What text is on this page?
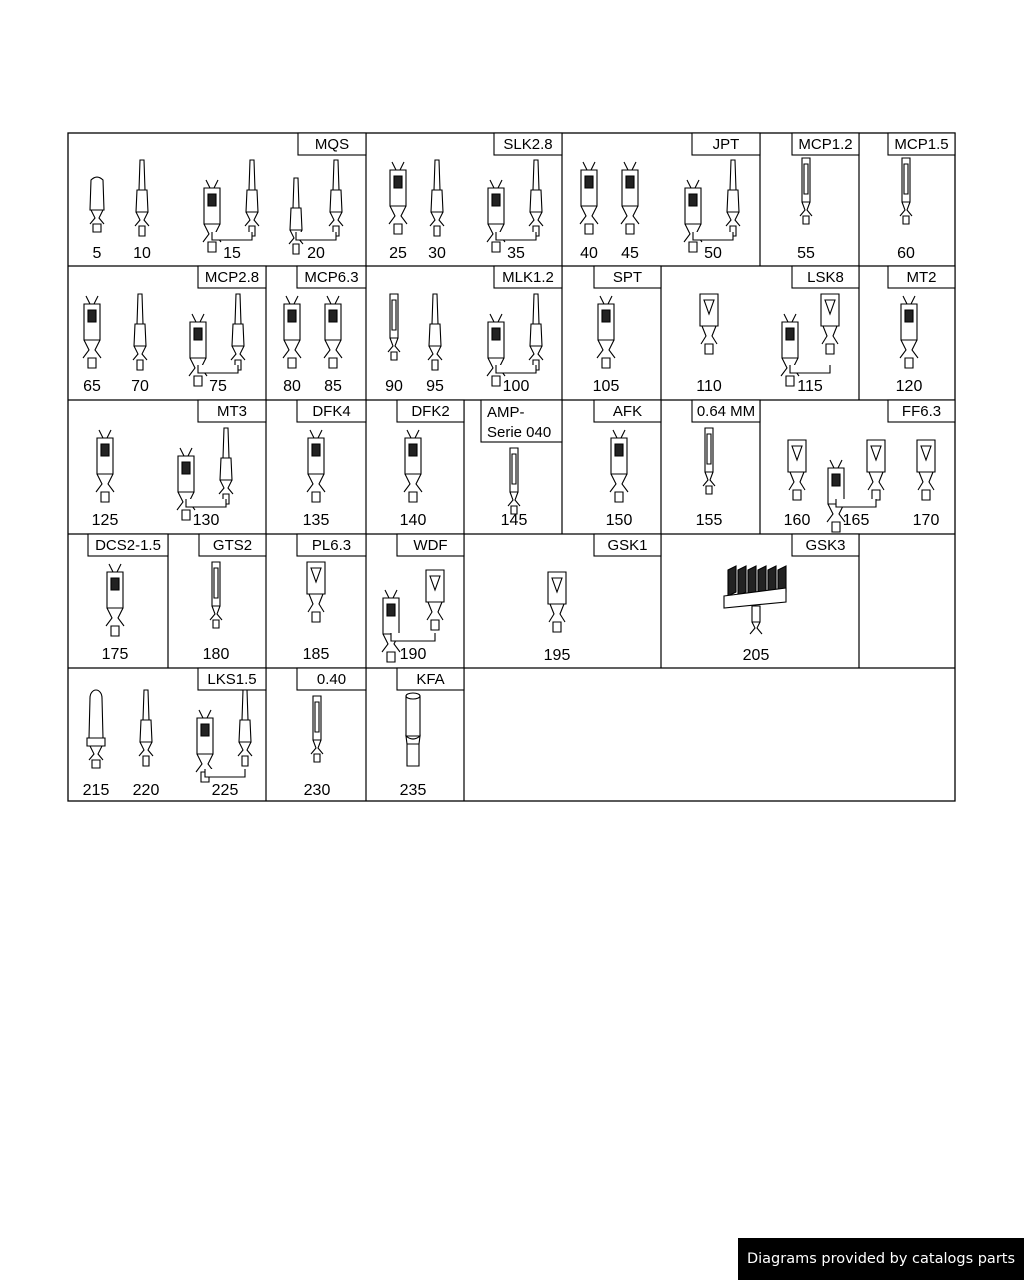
MQS
5 10	15	20
SLK2.8
25 30	35
JPT
40 45	50
MCP1.2
55
MCP1.5
60
MCP2.8
65 70	75
MCP6.3
80 85
MLK1.2
90 95	100
SPT
105
LSK8
110	115
MT2
120
MT3
125	130
DFK4
135
DFK2
140
AMP-
Serie 040
145
AFK
150
0.64 MM
155
FF6.3
160 165	170
DCS2-1.5
175
GTS2
180
PL6.3
185
WDF
190
GSK1
195
GSK3
205
LKS1.5
215 220	225
0.40
230
KFA
235
Diagrams provided by catalogs parts
